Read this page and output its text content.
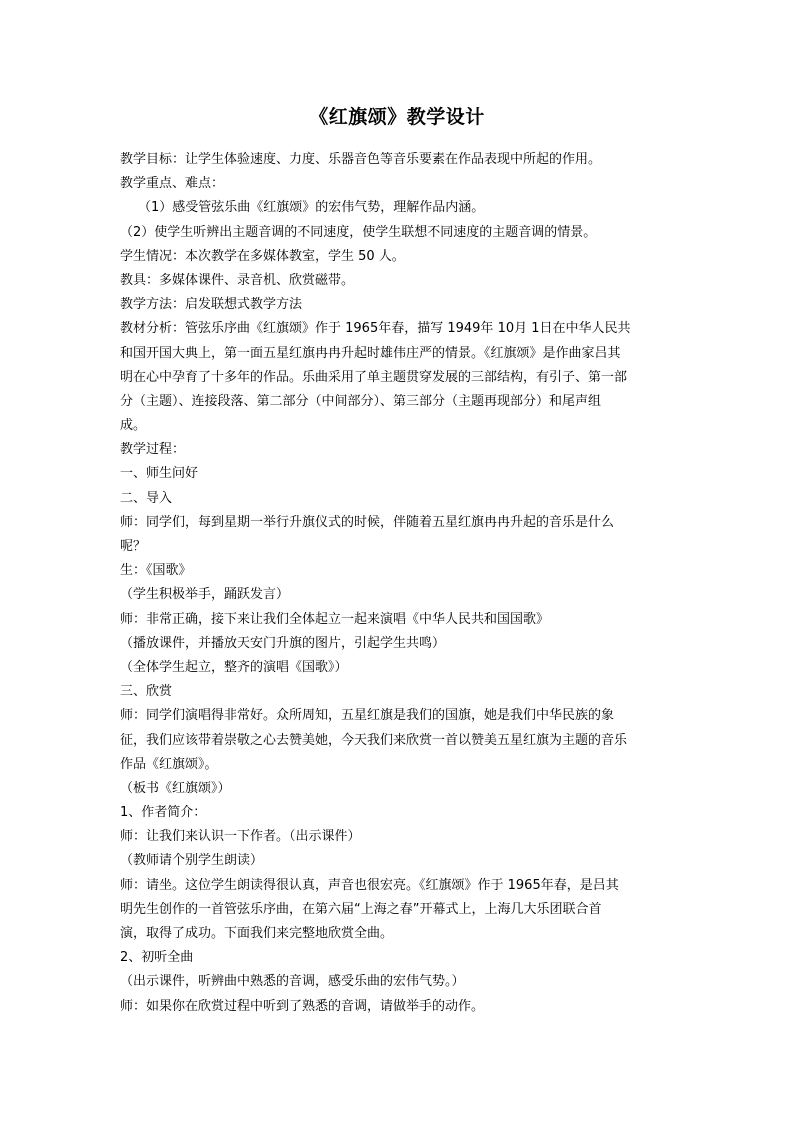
《红旗颂》教学设计
教学目标：让学生体验速度、力度、乐器音色等音乐要素在作品表现中所起的作用。
教学重点、难点：
（1）感受管弦乐曲《红旗颂》的宏伟气势，理解作品内涵。
（2）使学生听辨出主题音调的不同速度，使学生联想不同速度的主题音调的情景。
学生情况：本次教学在多媒体教室，学生 50 人。
教具：多媒体课件、录音机、欣赏磁带。
教学方法：启发联想式教学方法
教材分析：管弦乐序曲《红旗颂》作于 1965年春，描写 1949年 10月 1日在中华人民共
和国开国大典上，第一面五星红旗冉冉升起时雄伟庄严的情景。《红旗颂》是作曲家吕其
明在心中孕育了十多年的作品。乐曲采用了单主题贯穿发展的三部结构，有引子、第一部
分（主题）、连接段落、第二部分（中间部分）、第三部分（主题再现部分）和尾声组
成。
教学过程：
一、师生问好
二、导入
师：同学们，每到星期一举行升旗仪式的时候，伴随着五星红旗冉冉升起的音乐是什么
呢？
生：《国歌》
（学生积极举手，踊跃发言）
师：非常正确，接下来让我们全体起立一起来演唱《中华人民共和国国歌》
（播放课件，并播放天安门升旗的图片，引起学生共鸣）
（全体学生起立，整齐的演唱《国歌》）
三、欣赏
师：同学们演唱得非常好。众所周知，五星红旗是我们的国旗，她是我们中华民族的象
征，我们应该带着崇敬之心去赞美她，今天我们来欣赏一首以赞美五星红旗为主题的音乐
作品《红旗颂》。
（板书《红旗颂》）
1、作者简介：
师：让我们来认识一下作者。（出示课件）
（教师请个别学生朗读）
师：请坐。这位学生朗读得很认真，声音也很宏亮。《红旗颂》作于 1965年春，是吕其
明先生创作的一首管弦乐序曲，在第六届“上海之春”开幕式上，上海几大乐团联合首
演，取得了成功。下面我们来完整地欣赏全曲。
2、初听全曲
（出示课件，听辨曲中熟悉的音调，感受乐曲的宏伟气势。）
师：如果你在欣赏过程中听到了熟悉的音调，请做举手的动作。
